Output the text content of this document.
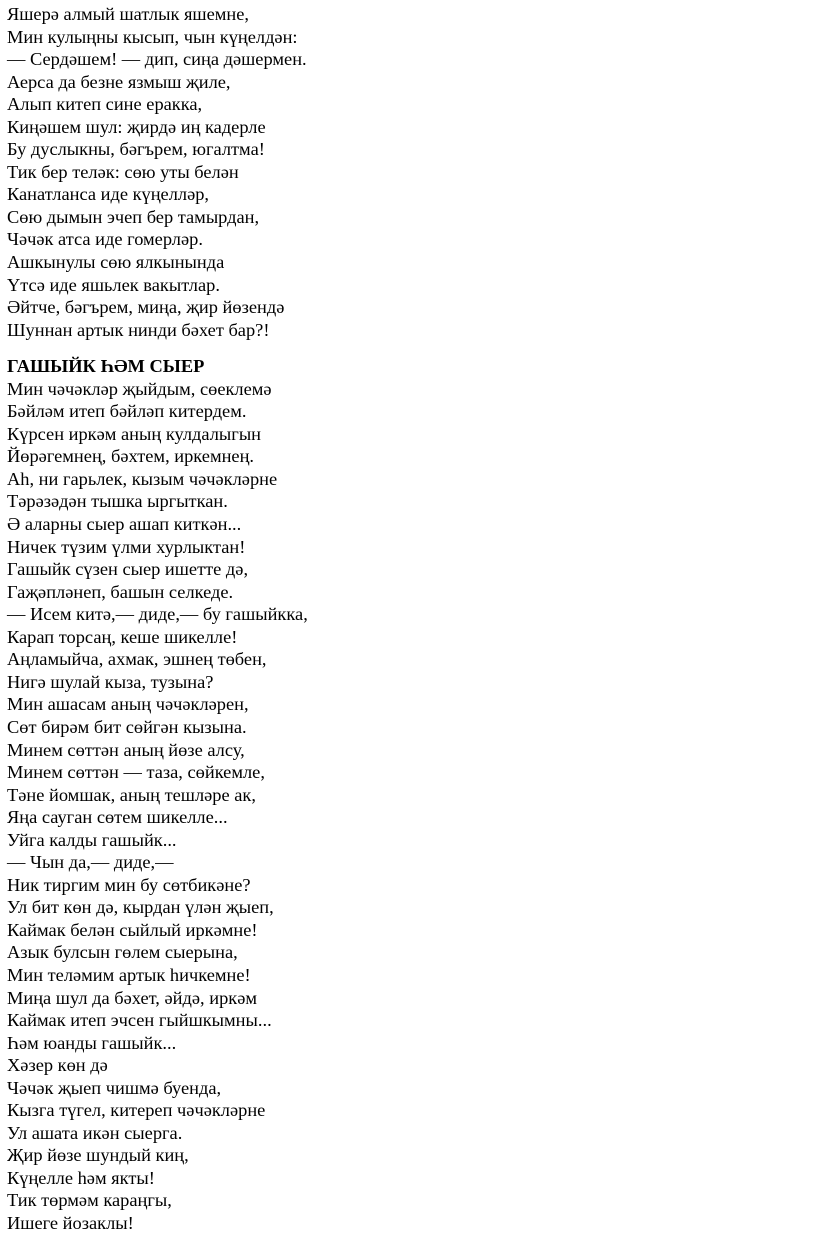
Яшерә алмый шатлык яшемне,
Мин кулыңны кысып, чын күңелдән:
— Сердәшем! — дип, сиңа дәшермен.
Аерса да безне язмыш җиле,
Алып китеп сине еракка,
Киңәшем шул: җирдә иң кадерле
Бу дуслыкны, бәгърем, югалтма!
Тик бер теләк: сөю уты белән
Канатланса иде күңелләр,
Сөю дымын эчеп бер тамырдан,
Чәчәк атса иде гомерләр.
Ашкынулы сөю ялкынында
Үтсә иде яшьлек вакытлар.
Әйтче, бәгърем, миңа, җир йөзендә
Шуннан артык нинди бәхет бар?!
ГАШЫЙК ҺӘМ СЫЕР
Мин чәчәкләр җыйдым, сөеклемә
Бәйләм итеп бәйләп китердем.
Күрсен иркәм аның кулдалыгын
Йөрәгемнең, бәхтем, иркемнең.
Аһ, ни гарьлек, кызым чәчәкләрне
Тәрәзәдән тышка ыргыткан.
Ә аларны сыер ашап киткән...
Ничек түзим үлми хурлыктан!
Гашыйк сүзен сыер ишетте дә,
Гаҗәпләнеп, башын селкеде.
— Исем китә,— диде,— бу гашыйкка,
Карап торсаң, кеше шикелле!
Аңламыйча, ахмак, эшнең төбен,
Нигә шулай кыза, тузына?
Мин ашасам аның чәчәкләрен,
Сөт бирәм бит сөйгән кызына.
Минем сөттән аның йөзе алсу,
Минем сөттән — таза, сөйкемле,
Тәне йомшак, аның тешләре ак,
Яңа сауган сөтем шикелле...
Уйга калды гашыйк...
— Чын да,— диде,—
Ник тиргим мин бу сөтбикәне?
Ул бит көн дә, кырдан үлән җыеп,
Каймак белән сыйлый иркәмне!
Азык булсын гөлем сыерына,
Мин теләмим артык һичкемне!
Миңа шул да бәхет, әйдә, иркәм
Каймак итеп эчсен гыйшкымны...
Һәм юанды гашыйк...
Хәзер көн дә
Чәчәк җыеп чишмә буенда,
Кызга түгел, китереп чәчәкләрне
Ул ашата икән сыерга.
Җир йөзе шундый киң,
Күңелле һәм якты!
Тик төрмәм караңгы,
Ишеге йозаклы!
